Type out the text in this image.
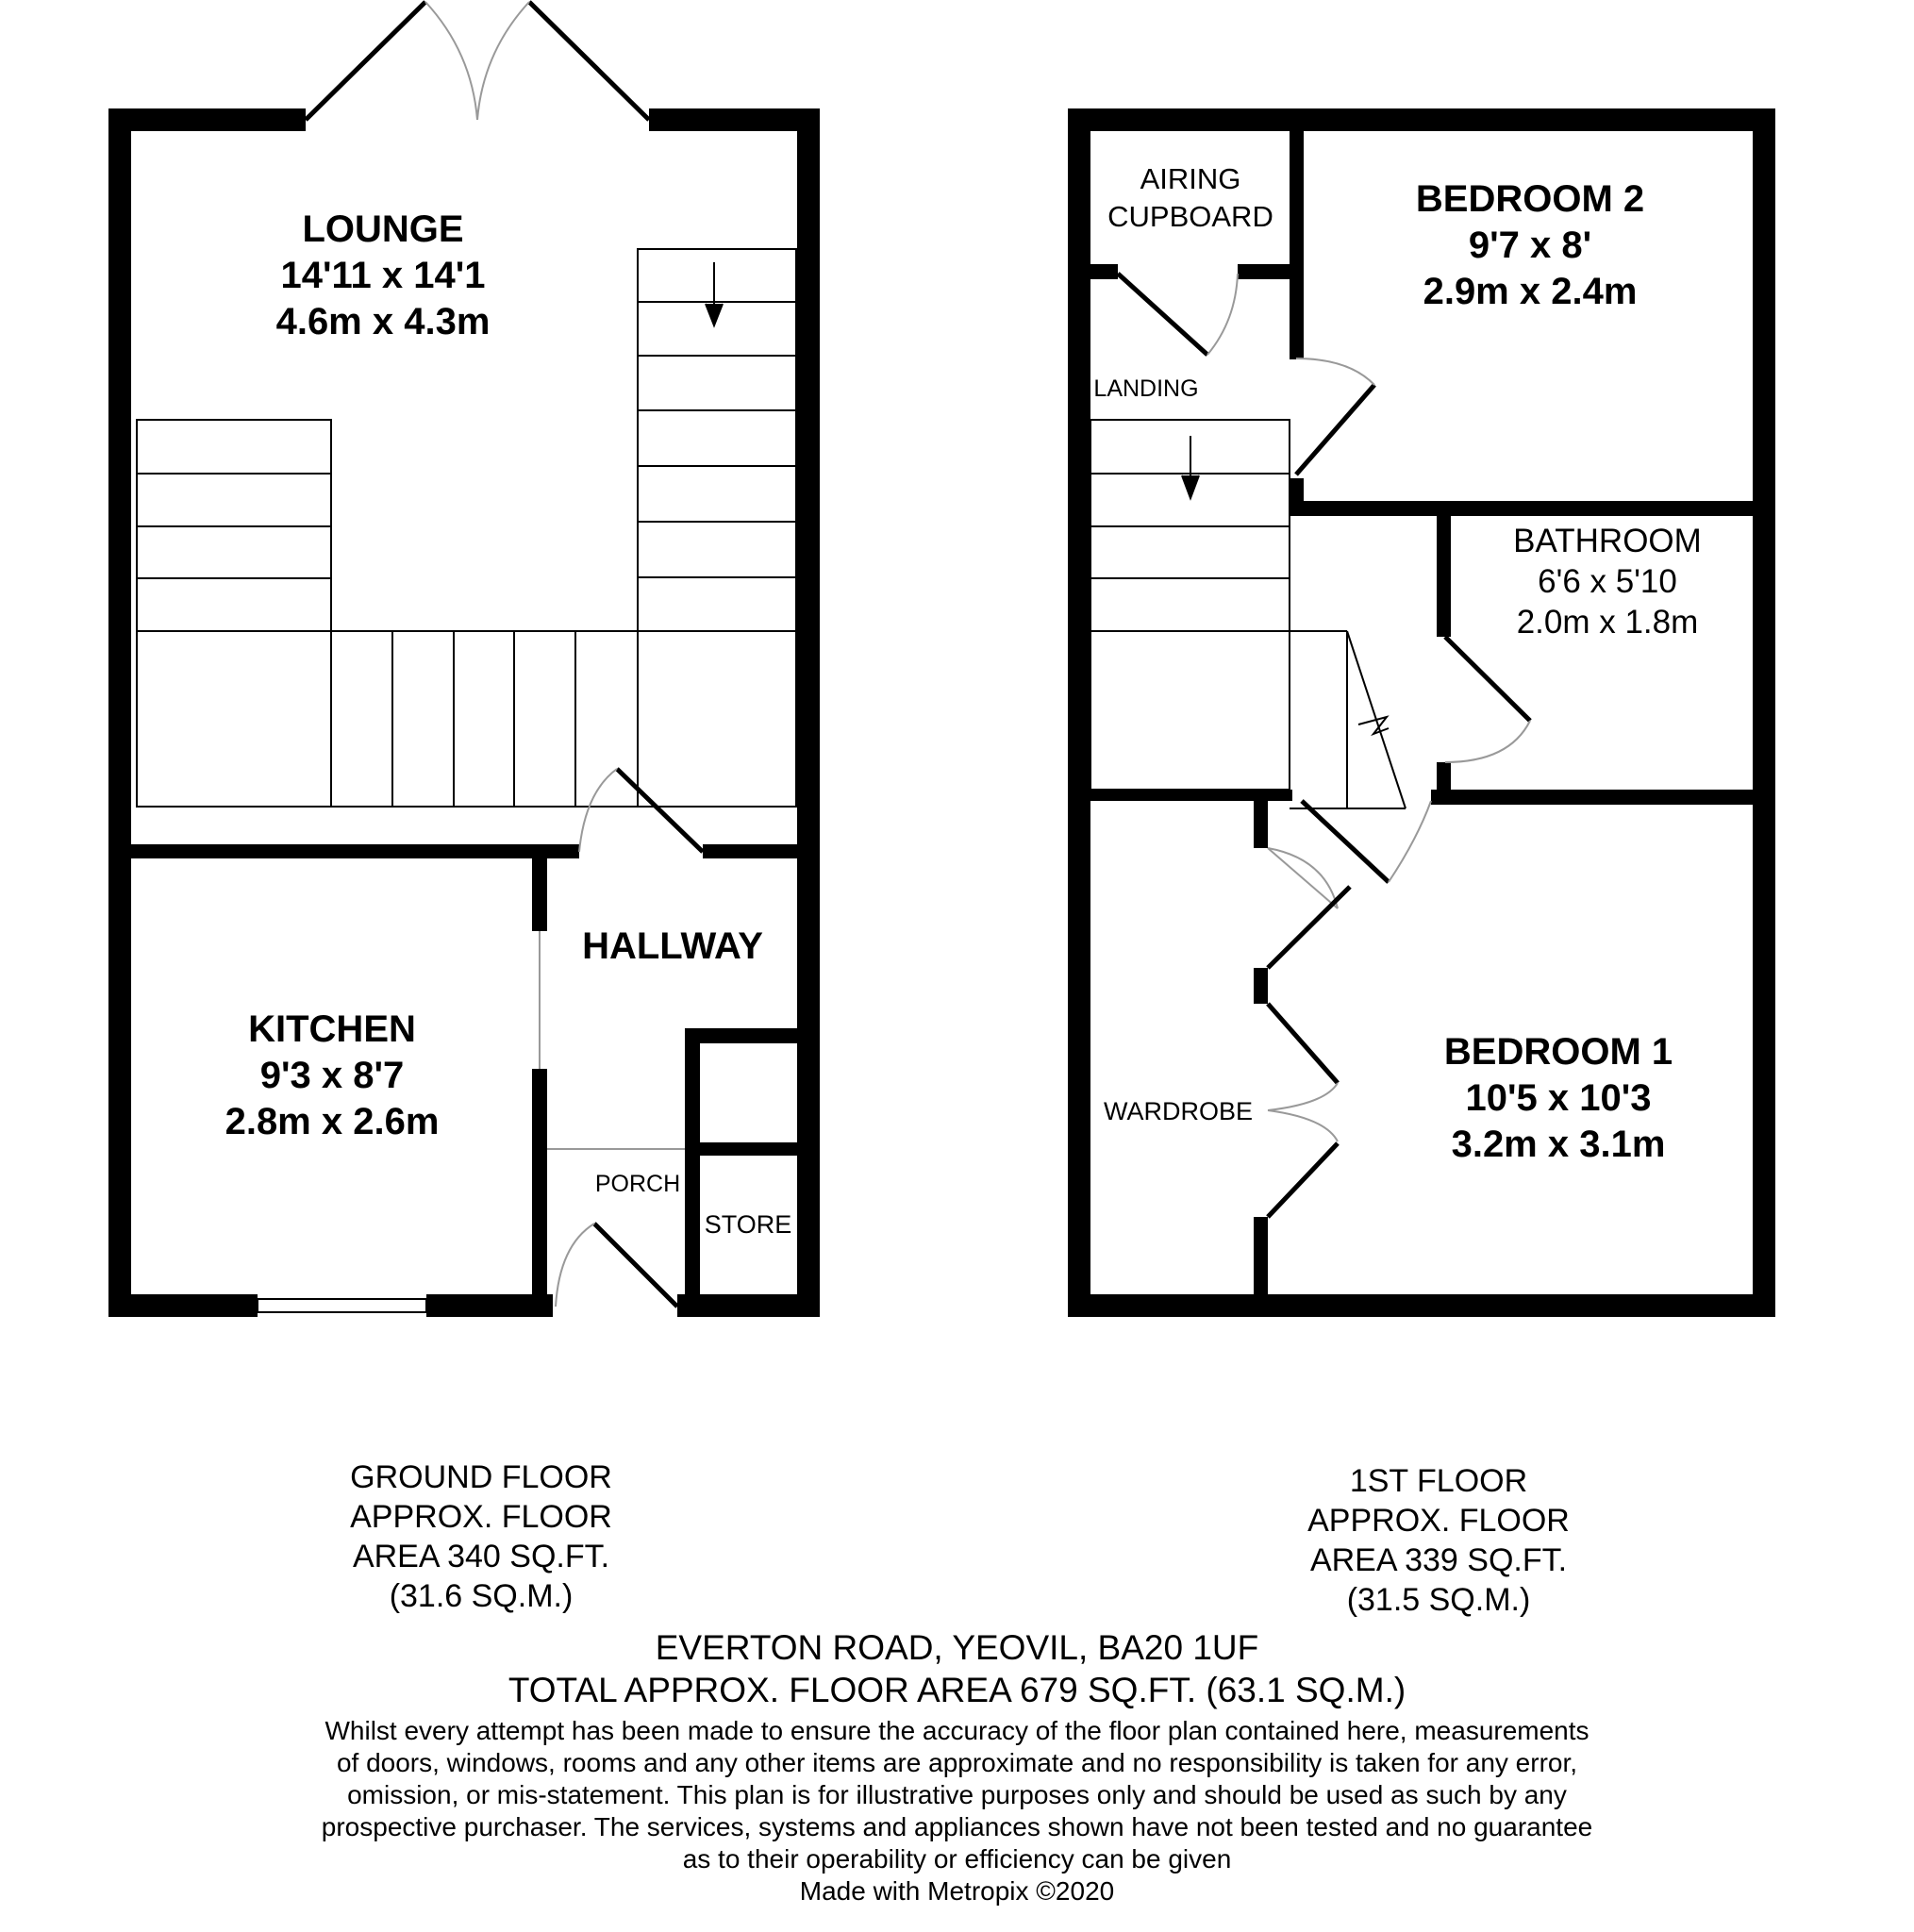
LOUNGE
14'11 x 14'1
4.6m x 4.3m
KITCHEN
9'3 x 8'7
2.8m x 2.6m
HALLWAY
PORCH
STORE
AIRING
CUPBOARD
LANDING
BEDROOM 2
9'7 x 8'
2.9m x 2.4m
BATHROOM
6'6 x 5'10
2.0m x 1.8m
BEDROOM 1
10'5 x 10'3
3.2m x 3.1m
WARDROBE
GROUND FLOOR
APPROX. FLOOR
AREA 340 SQ.FT.
(31.6 SQ.M.)
1ST FLOOR
APPROX. FLOOR
AREA 339 SQ.FT.
(31.5 SQ.M.)
EVERTON ROAD, YEOVIL, BA20 1UF
TOTAL APPROX. FLOOR AREA 679 SQ.FT. (63.1 SQ.M.)
Whilst every attempt has been made to ensure the accuracy of the floor plan contained here, measurements
of doors, windows, rooms and any other items are approximate and no responsibility is taken for any error,
omission, or mis-statement. This plan is for illustrative purposes only and should be used as such by any
prospective purchaser. The services, systems and appliances shown have not been tested and no guarantee
as to their operability or efficiency can be given
Made with Metropix ©2020
